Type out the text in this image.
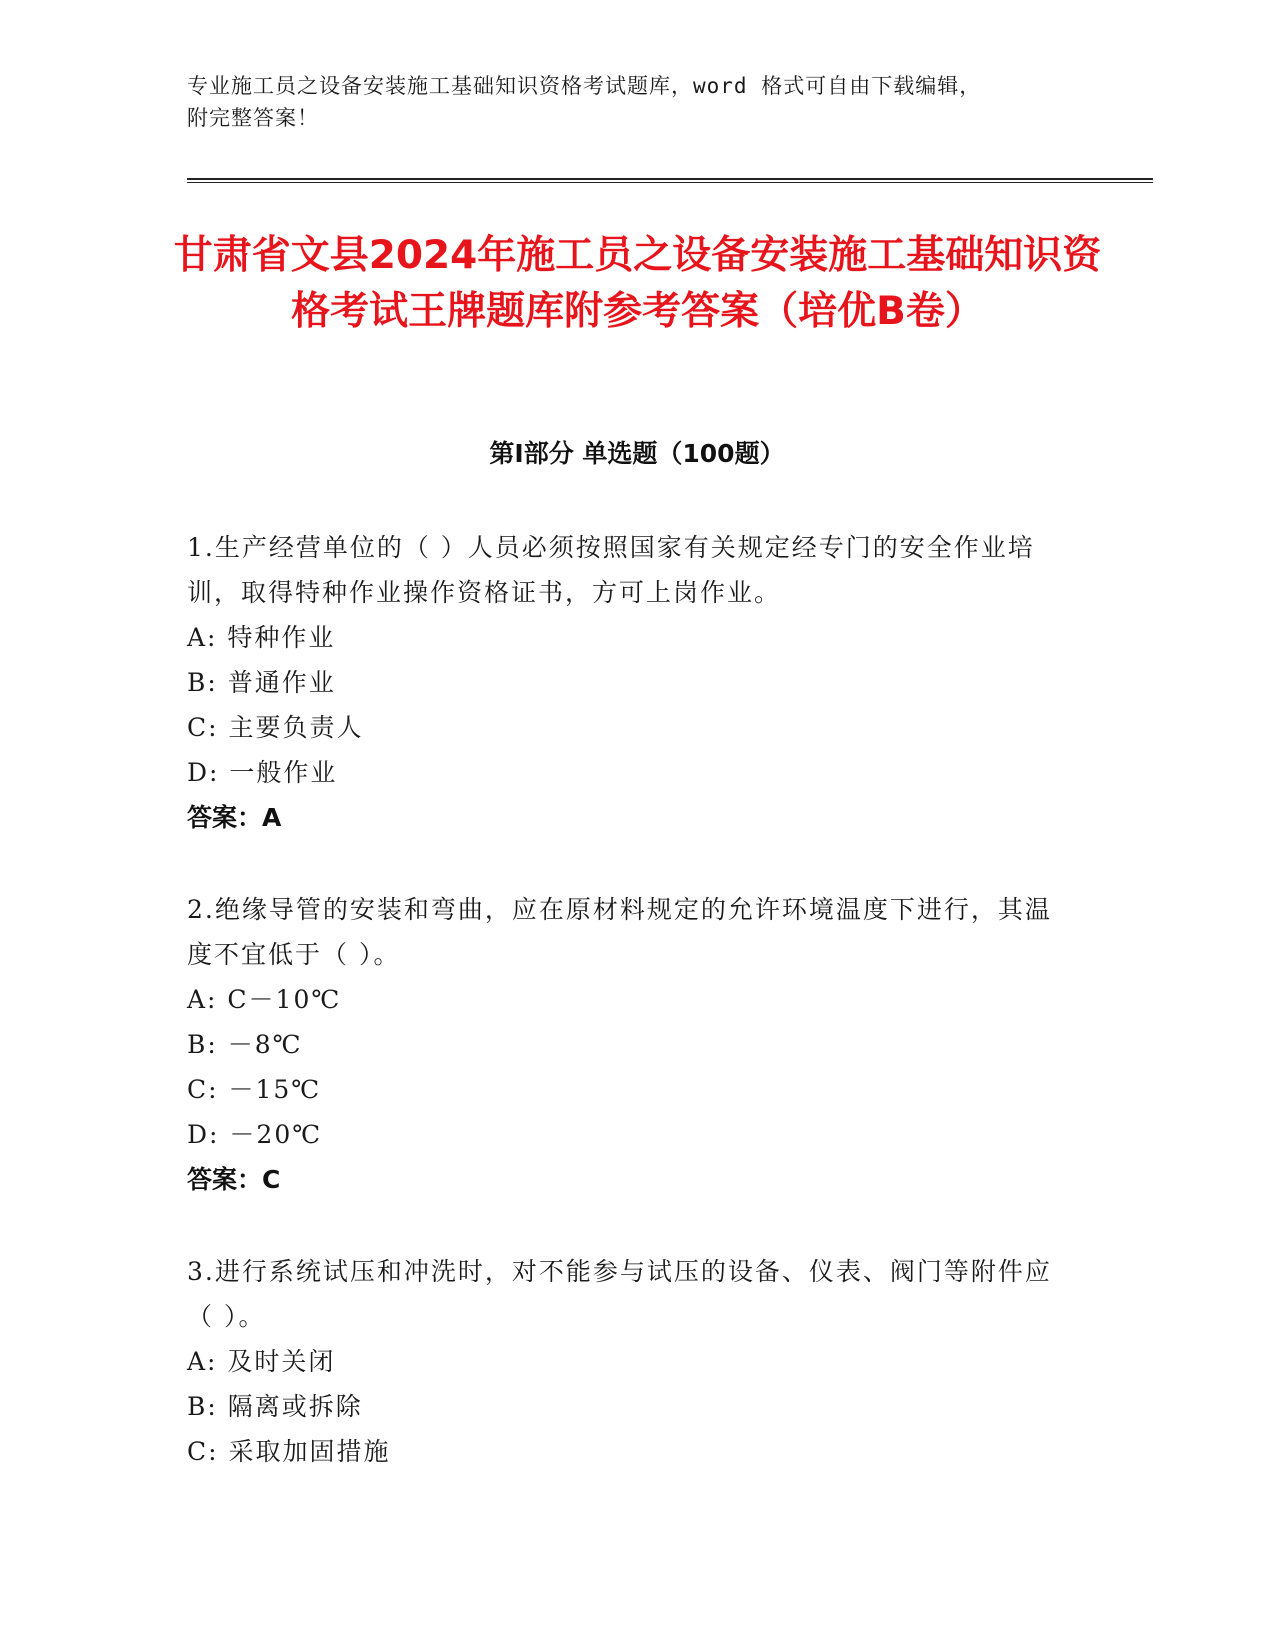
专业施工员之设备安装施工基础知识资格考试题库，word 格式可自由下载编辑，
附完整答案！
甘肃省文县2024年施工员之设备安装施工基础知识资格考试王牌题库附参考答案（培优B卷）
第I部分 单选题（100题）
1.生产经营单位的（ ）人员必须按照国家有关规定经专门的安全作业培训，取得特种作业操作资格证书，方可上岗作业。
A: 特种作业
B: 普通作业
C: 主要负责人
D: 一般作业
答案：A
2.绝缘导管的安装和弯曲，应在原材料规定的允许环境温度下进行，其温度不宜低于（ ）。
A: C－10℃
B: －8℃
C: －15℃
D: －20℃
答案：C
3.进行系统试压和冲洗时，对不能参与试压的设备、仪表、阀门等附件应（ ）。
A: 及时关闭
B: 隔离或拆除
C: 采取加固措施
